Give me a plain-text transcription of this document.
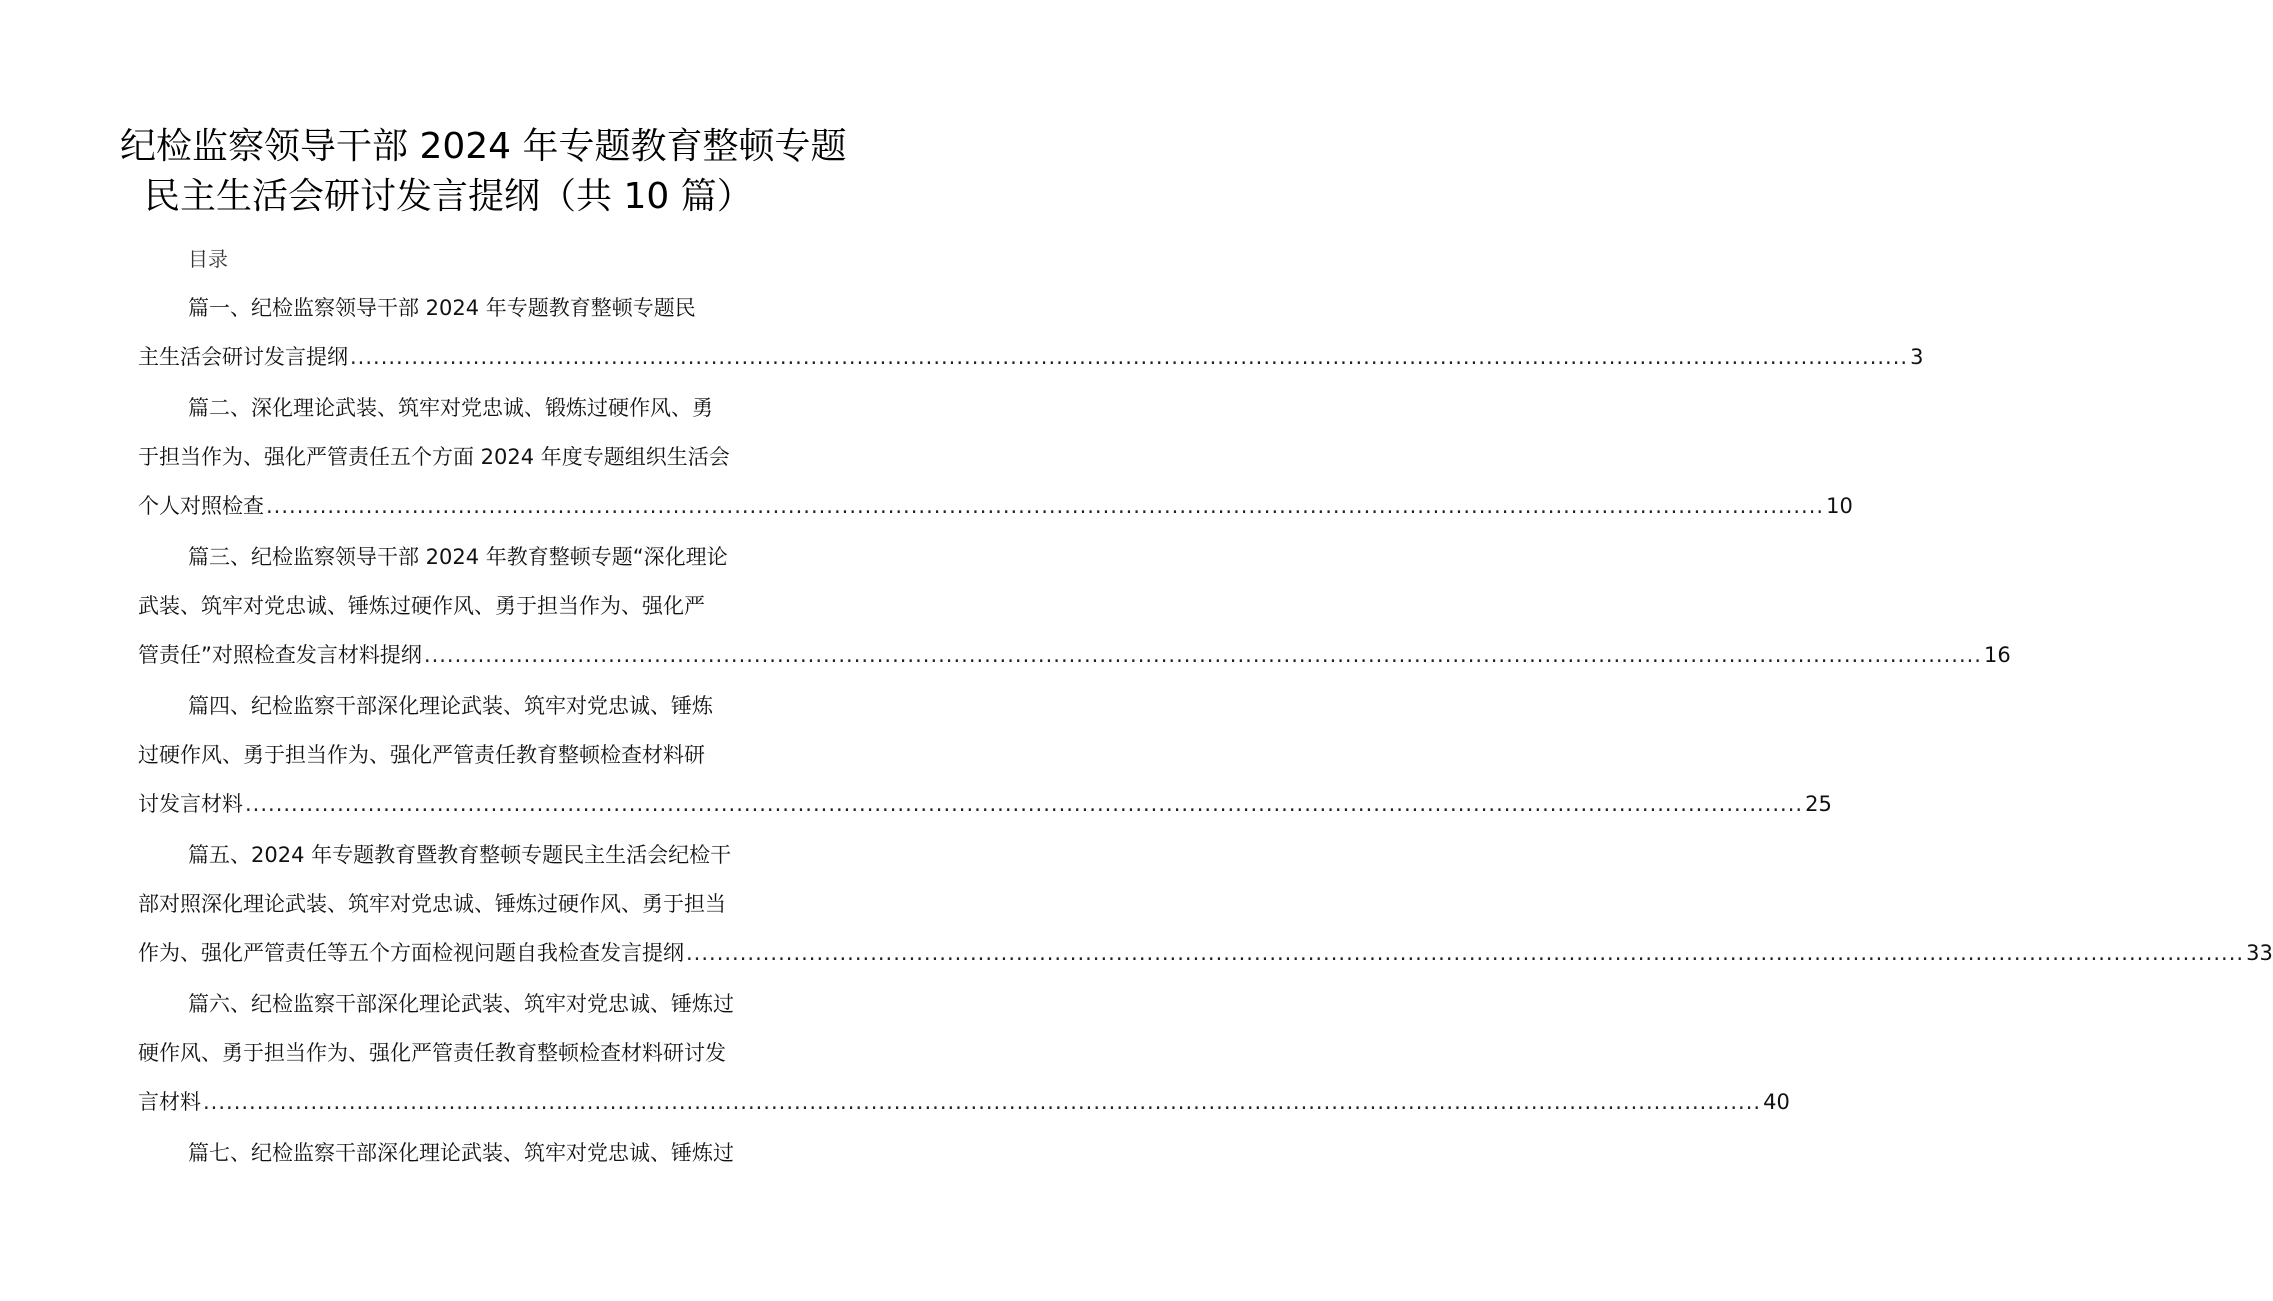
纪检监察领导干部 2024 年专题教育整顿专题
民主生活会研讨发言提纲（共 10 篇）
目录
篇一、纪检监察领导干部 2024 年专题教育整顿专题民
主生活会研讨发言提纲 ........................................................................................................................................................................................................... 3
篇二、深化理论武装、筑牢对党忠诚、锻炼过硬作风、勇
于担当作为、强化严管责任五个方面 2024 年度专题组织生活会
个人对照检查 ........................................................................................................................................................................................................... 10
篇三、纪检监察领导干部 2024 年教育整顿专题“深化理论
武装、筑牢对党忠诚、锤炼过硬作风、勇于担当作为、强化严
管责任”对照检查发言材料提纲 ........................................................................................................................................................................................................... 16
篇四、纪检监察干部深化理论武装、筑牢对党忠诚、锤炼
过硬作风、勇于担当作为、强化严管责任教育整顿检查材料研
讨发言材料 ........................................................................................................................................................................................................... 25
篇五、2024 年专题教育暨教育整顿专题民主生活会纪检干
部对照深化理论武装、筑牢对党忠诚、锤炼过硬作风、勇于担当
作为、强化严管责任等五个方面检视问题自我检查发言提纲 ........................................................................................................................................................................................................... 33
篇六、纪检监察干部深化理论武装、筑牢对党忠诚、锤炼过
硬作风、勇于担当作为、强化严管责任教育整顿检查材料研讨发
言材料 ........................................................................................................................................................................................................... 40
篇七、纪检监察干部深化理论武装、筑牢对党忠诚、锤炼过
